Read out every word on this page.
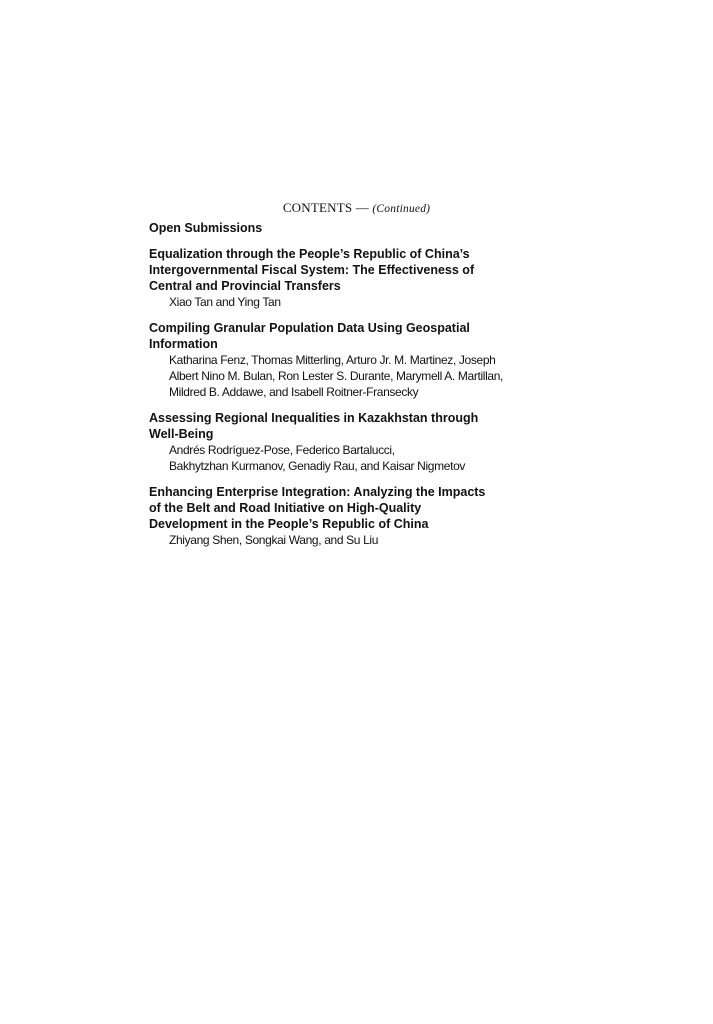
CONTENTS — (Continued)
Open Submissions
Equalization through the People’s Republic of China’s
Intergovernmental Fiscal System: The Effectiveness of
Central and Provincial Transfers
Xiao Tan and Ying Tan
Compiling Granular Population Data Using Geospatial
Information
Katharina Fenz, Thomas Mitterling, Arturo Jr. M. Martinez, Joseph
Albert Nino M. Bulan, Ron Lester S. Durante, Marymell A. Martillan,
Mildred B. Addawe, and Isabell Roitner-Fransecky
Assessing Regional Inequalities in Kazakhstan through
Well-Being
Andrés Rodríguez-Pose, Federico Bartalucci,
Bakhytzhan Kurmanov, Genadiy Rau, and Kaisar Nigmetov
Enhancing Enterprise Integration: Analyzing the Impacts
of the Belt and Road Initiative on High-Quality
Development in the People’s Republic of China
Zhiyang Shen, Songkai Wang, and Su Liu
